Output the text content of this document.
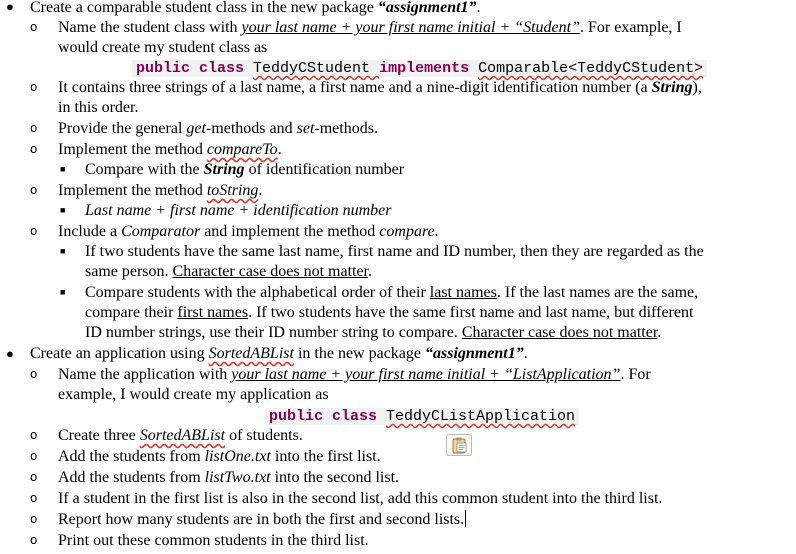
● Create a comparable student class in the new package “assignment1”.
o Name the student class with your last name + your first name initial + “Student”. For example, I
would create my student class as
public class TeddyCStudent implements Comparable<TeddyCStudent>
o It contains three strings of a last name, a first name and a nine-digit identification number (a String),
in this order.
o Provide the general get-methods and set-methods.
o Implement the method compareTo.
■ Compare with the String of identification number
o Implement the method toString.
■ Last name + first name + identification number
o Include a Comparator and implement the method compare.
■ If two students have the same last name, first name and ID number, then they are regarded as the
same person. Character case does not matter.
■ Compare students with the alphabetical order of their last names. If the last names are the same,
compare their first names. If two students have the same first name and last name, but different
ID number strings, use their ID number string to compare. Character case does not matter.
● Create an application using SortedABList in the new package “assignment1”.
o Name the application with your last name + your first name initial + “ListApplication”. For
example, I would create my application as
public class TeddyCListApplication
o Create three SortedABList of students.
o Add the students from listOne.txt into the first list.
o Add the students from listTwo.txt into the second list.
o If a student in the first list is also in the second list, add this common student into the third list.
o Report how many students are in both the first and second lists.
o Print out these common students in the third list.
